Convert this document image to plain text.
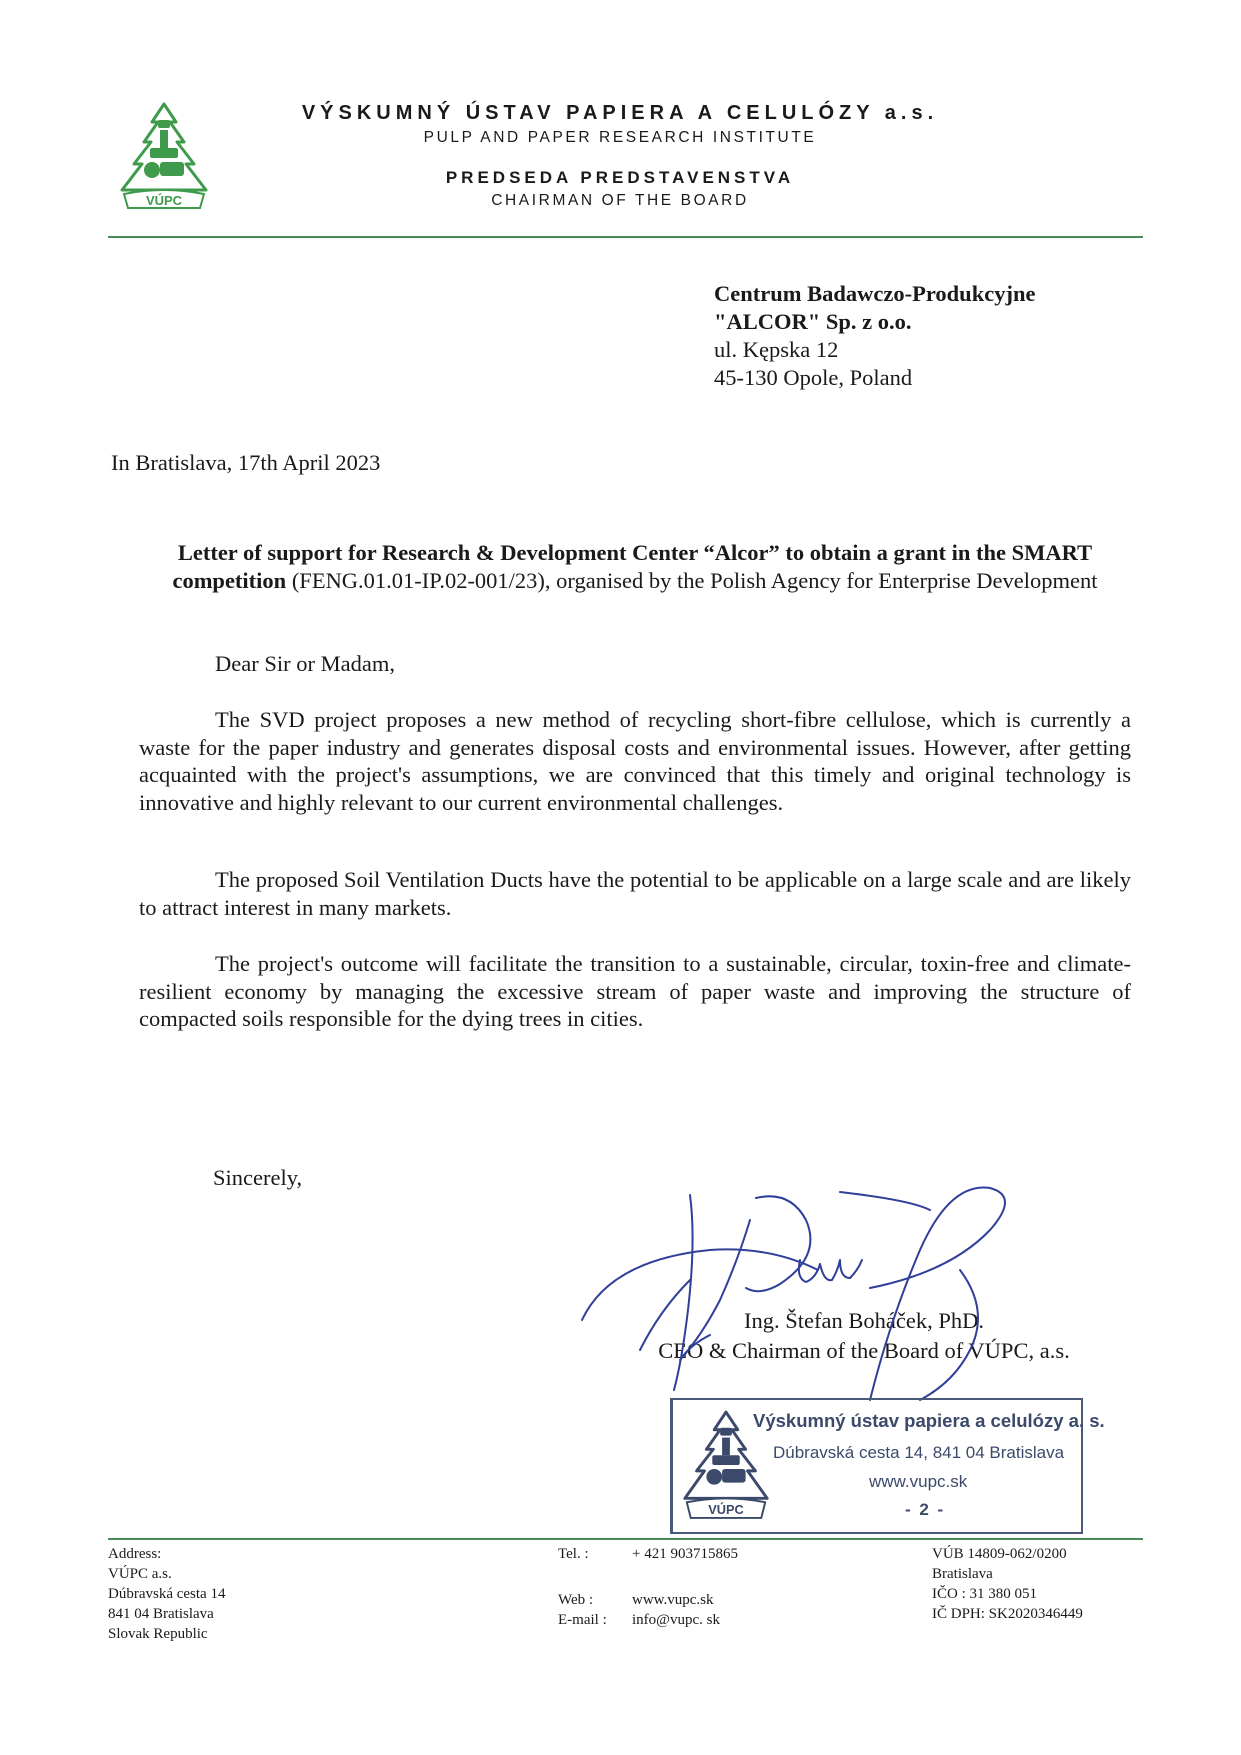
VÚPC
VÝSKUMNÝ ÚSTAV PAPIERA A CELULÓZY a.s.
PULP AND PAPER RESEARCH INSTITUTE
PREDSEDA PREDSTAVENSTVA
CHAIRMAN OF THE BOARD
Centrum Badawczo-Produkcyjne
"ALCOR" Sp. z o.o.
ul. Kępska 12
45-130 Opole, Poland
In Bratislava, 17th April 2023
Letter of support for Research & Development Center “Alcor” to obtain a grant in the SMART competition (FENG.01.01-IP.02-001/23), organised by the Polish Agency for Enterprise Development
Dear Sir or Madam,
The SVD project proposes a new method of recycling short-fibre cellulose, which is currently a waste for the paper industry and generates disposal costs and environmental issues. However, after getting acquainted with the project's assumptions, we are convinced that this timely and original technology is innovative and highly relevant to our current environmental challenges.
The proposed Soil Ventilation Ducts have the potential to be applicable on a large scale and are likely to attract interest in many markets.
The project's outcome will facilitate the transition to a sustainable, circular, toxin-free and climate-resilient economy by managing the excessive stream of paper waste and improving the structure of compacted soils responsible for the dying trees in cities.
Sincerely,
Ing. Štefan Boháček, PhD.
CEO & Chairman of the Board of VÚPC, a.s.
VÚPC
Výskumný ústav papiera a celulózy a. s.
Dúbravská cesta 14, 841 04 Bratislava
www.vupc.sk
- 2 -
Address:
VÚPC a.s.
Dúbravská cesta 14
841 04 Bratislava
Slovak Republic
Tel. :	+ 421 903715865
Web :	www.vupc.sk
E-mail : info@vupc. sk
VÚB 14809-062/0200
Bratislava
IČO : 31 380 051
IČ DPH: SK2020346449
